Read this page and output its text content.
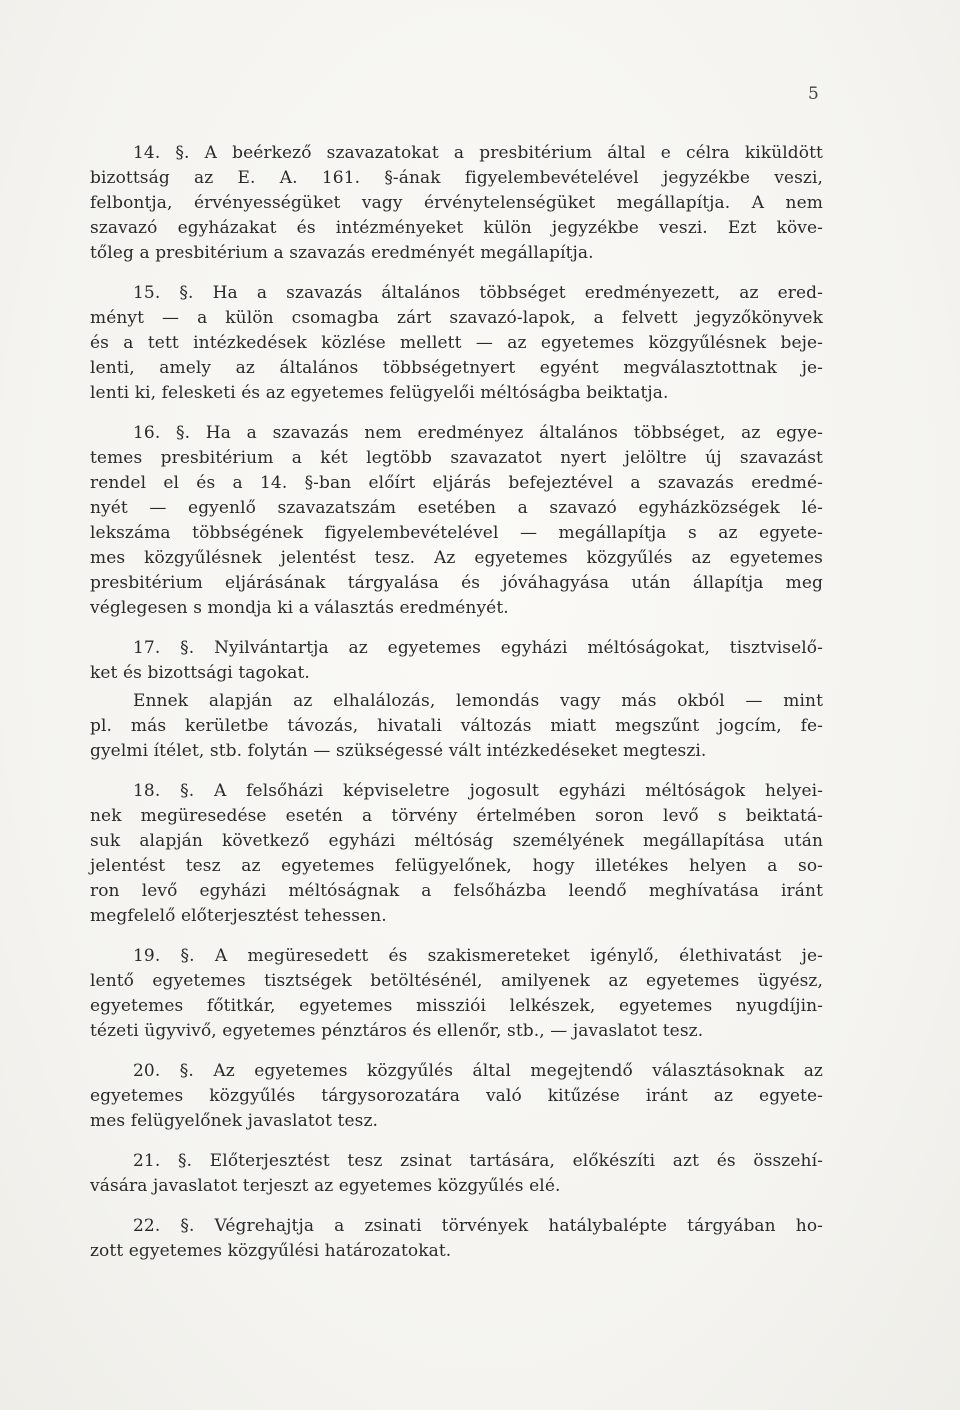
5
14. §. A beérkező szavazatokat a presbitérium által e célra kiküldött
bizottság az E. A. 161. §-ának figyelembevételével jegyzékbe veszi,
felbontja, érvényességüket vagy érvénytelenségüket megállapítja. A nem
szavazó egyházakat és intézményeket külön jegyzékbe veszi. Ezt köve-
tőleg a presbitérium a szavazás eredményét megállapítja.
15. §. Ha a szavazás általános többséget eredményezett, az ered-
ményt — a külön csomagba zárt szavazó-lapok, a felvett jegyzőkönyvek
és a tett intézkedések közlése mellett — az egyetemes közgyűlésnek beje-
lenti, amely az általános többségetnyert egyént megválasztottnak je-
lenti ki, felesketi és az egyetemes felügyelői méltóságba beiktatja.
16. §. Ha a szavazás nem eredményez általános többséget, az egye-
temes presbitérium a két legtöbb szavazatot nyert jelöltre új szavazást
rendel el és a 14. §-ban előírt eljárás befejeztével a szavazás eredmé-
nyét — egyenlő szavazatszám esetében a szavazó egyházközségek lé-
lekszáma többségének figyelembevételével — megállapítja s az egyete-
mes közgyűlésnek jelentést tesz. Az egyetemes közgyűlés az egyetemes
presbitérium eljárásának tárgyalása és jóváhagyása után állapítja meg
véglegesen s mondja ki a választás eredményét.
17. §. Nyilvántartja az egyetemes egyházi méltóságokat, tisztviselő-
ket és bizottsági tagokat.
Ennek alapján az elhalálozás, lemondás vagy más okból — mint
pl. más kerületbe távozás, hivatali változás miatt megszűnt jogcím, fe-
gyelmi ítélet, stb. folytán — szükségessé vált intézkedéseket megteszi.
18. §. A felsőházi képviseletre jogosult egyházi méltóságok helyei-
nek megüresedése esetén a törvény értelmében soron levő s beiktatá-
suk alapján következő egyházi méltóság személyének megállapítása után
jelentést tesz az egyetemes felügyelőnek, hogy illetékes helyen a so-
ron levő egyházi méltóságnak a felsőházba leendő meghívatása iránt
megfelelő előterjesztést tehessen.
19. §. A megüresedett és szakismereteket igénylő, élethivatást je-
lentő egyetemes tisztségek betöltésénél, amilyenek az egyetemes ügyész,
egyetemes főtitkár, egyetemes missziói lelkészek, egyetemes nyugdíjin-
tézeti ügyvivő, egyetemes pénztáros és ellenőr, stb., — javaslatot tesz.
20. §. Az egyetemes közgyűlés által megejtendő választásoknak az
egyetemes közgyűlés tárgysorozatára való kitűzése iránt az egyete-
mes felügyelőnek javaslatot tesz.
21. §. Előterjesztést tesz zsinat tartására, előkészíti azt és összehí-
vására javaslatot terjeszt az egyetemes közgyűlés elé.
22. §. Végrehajtja a zsinati törvények hatálybalépte tárgyában ho-
zott egyetemes közgyűlési határozatokat.
